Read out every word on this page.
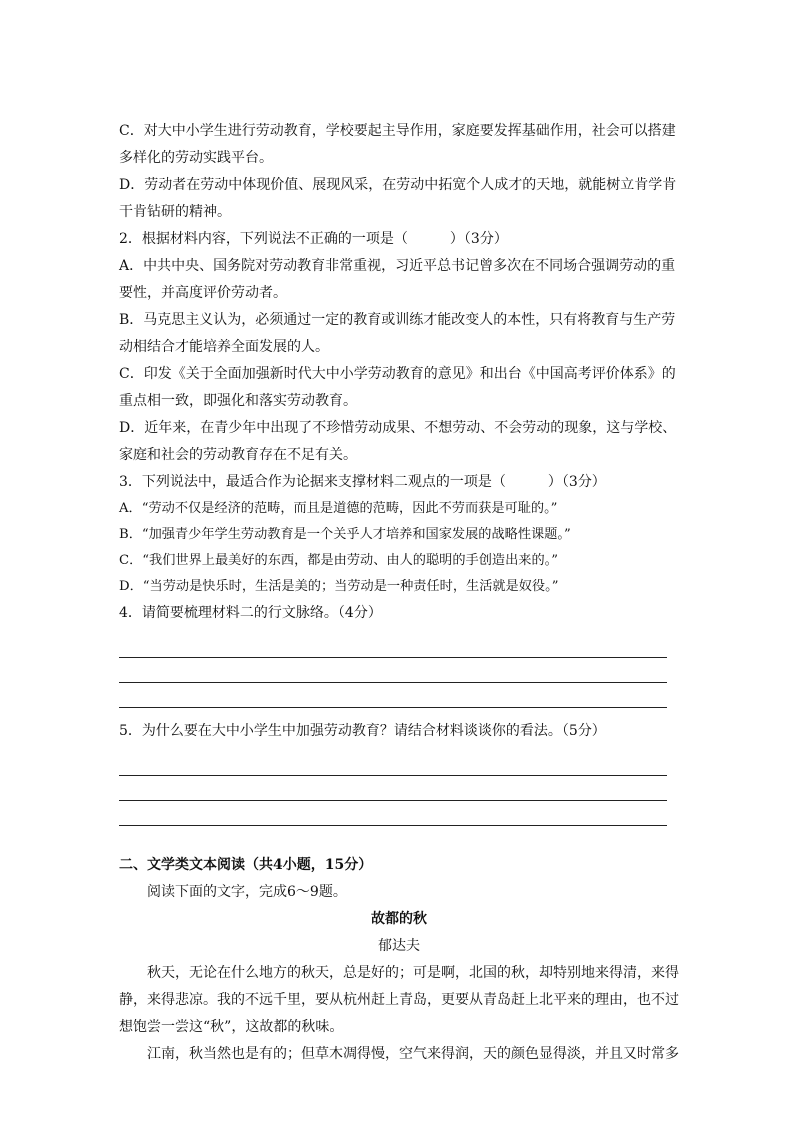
C．对大中小学生进行劳动教育，学校要起主导作用，家庭要发挥基础作用，社会可以搭建

多样化的劳动实践平台。

D．劳动者在劳动中体现价值、展现风采，在劳动中拓宽个人成才的天地，就能树立肯学肯

干肯钻研的精神。

2．根据材料内容，下列说法不正确的一项是（　　　）（3分）

A．中共中央、国务院对劳动教育非常重视，习近平总书记曾多次在不同场合强调劳动的重

要性，并高度评价劳动者。

B．马克思主义认为，必须通过一定的教育或训练才能改变人的本性，只有将教育与生产劳

动相结合才能培养全面发展的人。

C．印发《关于全面加强新时代大中小学劳动教育的意见》和出台《中国高考评价体系》的

重点相一致，即强化和落实劳动教育。

D．近年来，在青少年中出现了不珍惜劳动成果、不想劳动、不会劳动的现象，这与学校、

家庭和社会的劳动教育存在不足有关。

3．下列说法中，最适合作为论据来支撑材料二观点的一项是（　　　）（3分）

A．“劳动不仅是经济的范畴，而且是道德的范畴，因此不劳而获是可耻的。”

B．“加强青少年学生劳动教育是一个关乎人才培养和国家发展的战略性课题。”

C．“我们世界上最美好的东西，都是由劳动、由人的聪明的手创造出来的。”

D．“当劳动是快乐时，生活是美的；当劳动是一种责任时，生活就是奴役。”

4．请简要梳理材料二的行文脉络。（4分）

5．为什么要在大中小学生中加强劳动教育？请结合材料谈谈你的看法。（5分）

二、文学类文本阅读（共4小题，15分）

阅读下面的文字，完成6～9题。

故都的秋

郁达夫

秋天，无论在什么地方的秋天，总是好的；可是啊，北国的秋，却特别地来得清，来得

静，来得悲凉。我的不远千里，要从杭州赶上青岛，更要从青岛赶上北平来的理由，也不过

想饱尝一尝这“秋”，这故都的秋味。

江南，秋当然也是有的；但草木凋得慢，空气来得润，天的颜色显得淡，并且又时常多
